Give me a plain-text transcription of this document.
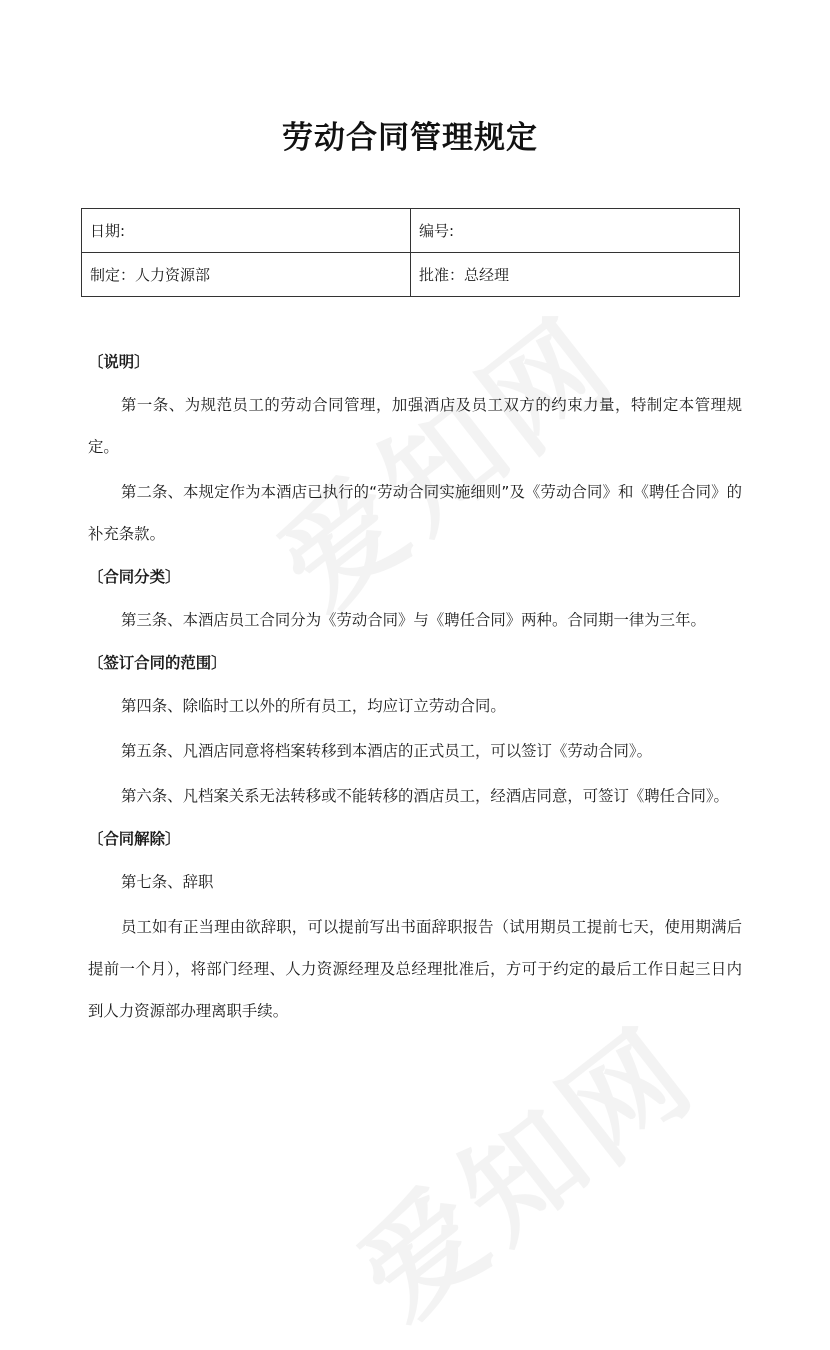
劳动合同管理规定
日期:	编号:
制定：人力资源部	批准：总经理
〔说明〕
第一条、为规范员工的劳动合同管理，加强酒店及员工双方的约束力量，特制定本管理规定。
第二条、本规定作为本酒店已执行的“劳动合同实施细则”及《劳动合同》和《聘任合同》的补充条款。
〔合同分类〕
第三条、本酒店员工合同分为《劳动合同》与《聘任合同》两种。合同期一律为三年。
〔签订合同的范围〕
第四条、除临时工以外的所有员工，均应订立劳动合同。
第五条、凡酒店同意将档案转移到本酒店的正式员工，可以签订《劳动合同》。
第六条、凡档案关系无法转移或不能转移的酒店员工，经酒店同意，可签订《聘任合同》。
〔合同解除〕
第七条、辞职
员工如有正当理由欲辞职，可以提前写出书面辞职报告（试用期员工提前七天，使用期满后提前一个月），将部门经理、人力资源经理及总经理批准后，方可于约定的最后工作日起三日内到人力资源部办理离职手续。
